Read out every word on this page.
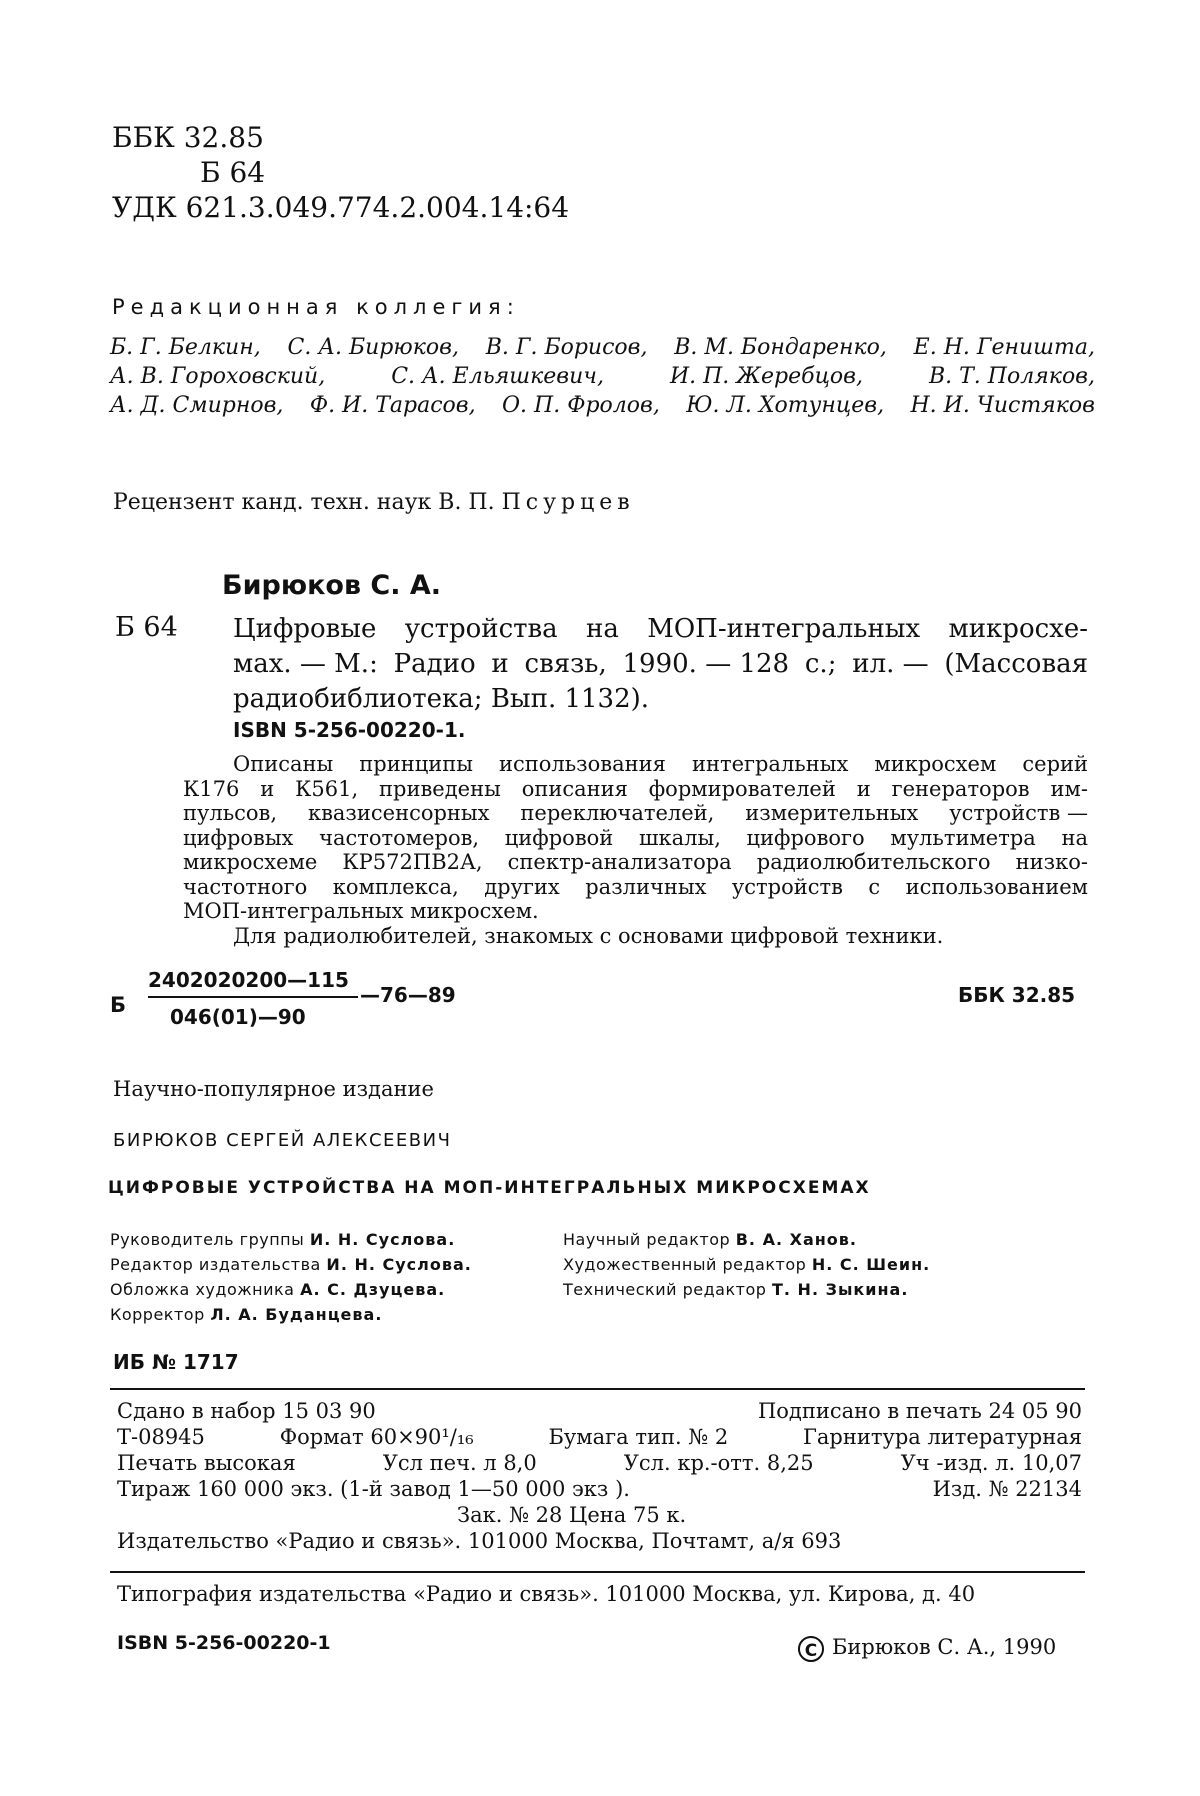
ББК 32.85
Б 64
УДК 621.3.049.774.2.004.14:64
Редакционная коллегия:
Б. Г. Белкин, С. А. Бирюков, В. Г. Борисов, В. М. Бондаренко, Е. Н. Геништа,
А. В. Гороховский,	С. А. Ельяшкевич,	И. П. Жеребцов,	В. Т. Поляков,
А. Д. Смирнов, Ф. И. Тарасов, О. П. Фролов, Ю. Л. Хотунцев, Н. И. Чистяков
Рецензент канд. техн. наук В. П. Псурцев
Бирюков С. А.
Б 64 Цифровые устройства на МОП-интегральных микросхе-
мах. — М.: Радио и связь, 1990. — 128 с.; ил. — (Массовая
радиобиблиотека; Вып. 1132).
ISBN 5-256-00220-1.
Описаны принципы использования интегральных микросхем серий
К176 и К561, приведены описания формирователей и генераторов им-
пульсов, квазисенсорных переключателей, измерительных устройств —
цифровых частотомеров, цифровой шкалы, цифрового мультиметра на
микросхеме КР572ПВ2А, спектр-анализатора радиолюбительского низко-
частотного комплекса, других различных устройств с использованием
МОП-интегральных микросхем.
Для радиолюбителей, знакомых с основами цифровой техники.
Б
2402020200—115
—76—89
046(01)—90
ББК 32.85
Научно-популярное издание
БИРЮКОВ СЕРГЕЙ АЛЕКСЕЕВИЧ
ЦИФРОВЫЕ УСТРОЙСТВА НА МОП-ИНТЕГРАЛЬНЫХ МИКРОСХЕМАХ
Руководитель группы И. Н. Суслова.
Редактор издательства И. Н. Суслова.
Обложка художника А. С. Дзуцева.
Корректор Л. А. Буданцева.
Научный редактор В. А. Ханов.
Художественный редактор Н. С. Шеин.
Технический редактор Т. Н. Зыкина.
ИБ № 1717
Сдано в набор 15 03 90	Подписано в печать 24 05 90
Т-08945	Формат 60×90¹/₁₆	Бумага тип. № 2	Гарнитура литературная
Печать высокая	Усл печ. л 8,0	Усл. кр.-отт. 8,25	Уч -изд. л. 10,07
Тираж 160 000 экз. (1-й завод 1—50 000 экз ).	Изд. № 22134
Зак. № 28 Цена 75 к.
Издательство «Радио и связь». 101000 Москва, Почтамт, а/я 693
Типография издательства «Радио и связь». 101000 Москва, ул. Кирова, д. 40
ISBN 5-256-00220-1	C Бирюков С. А., 1990
